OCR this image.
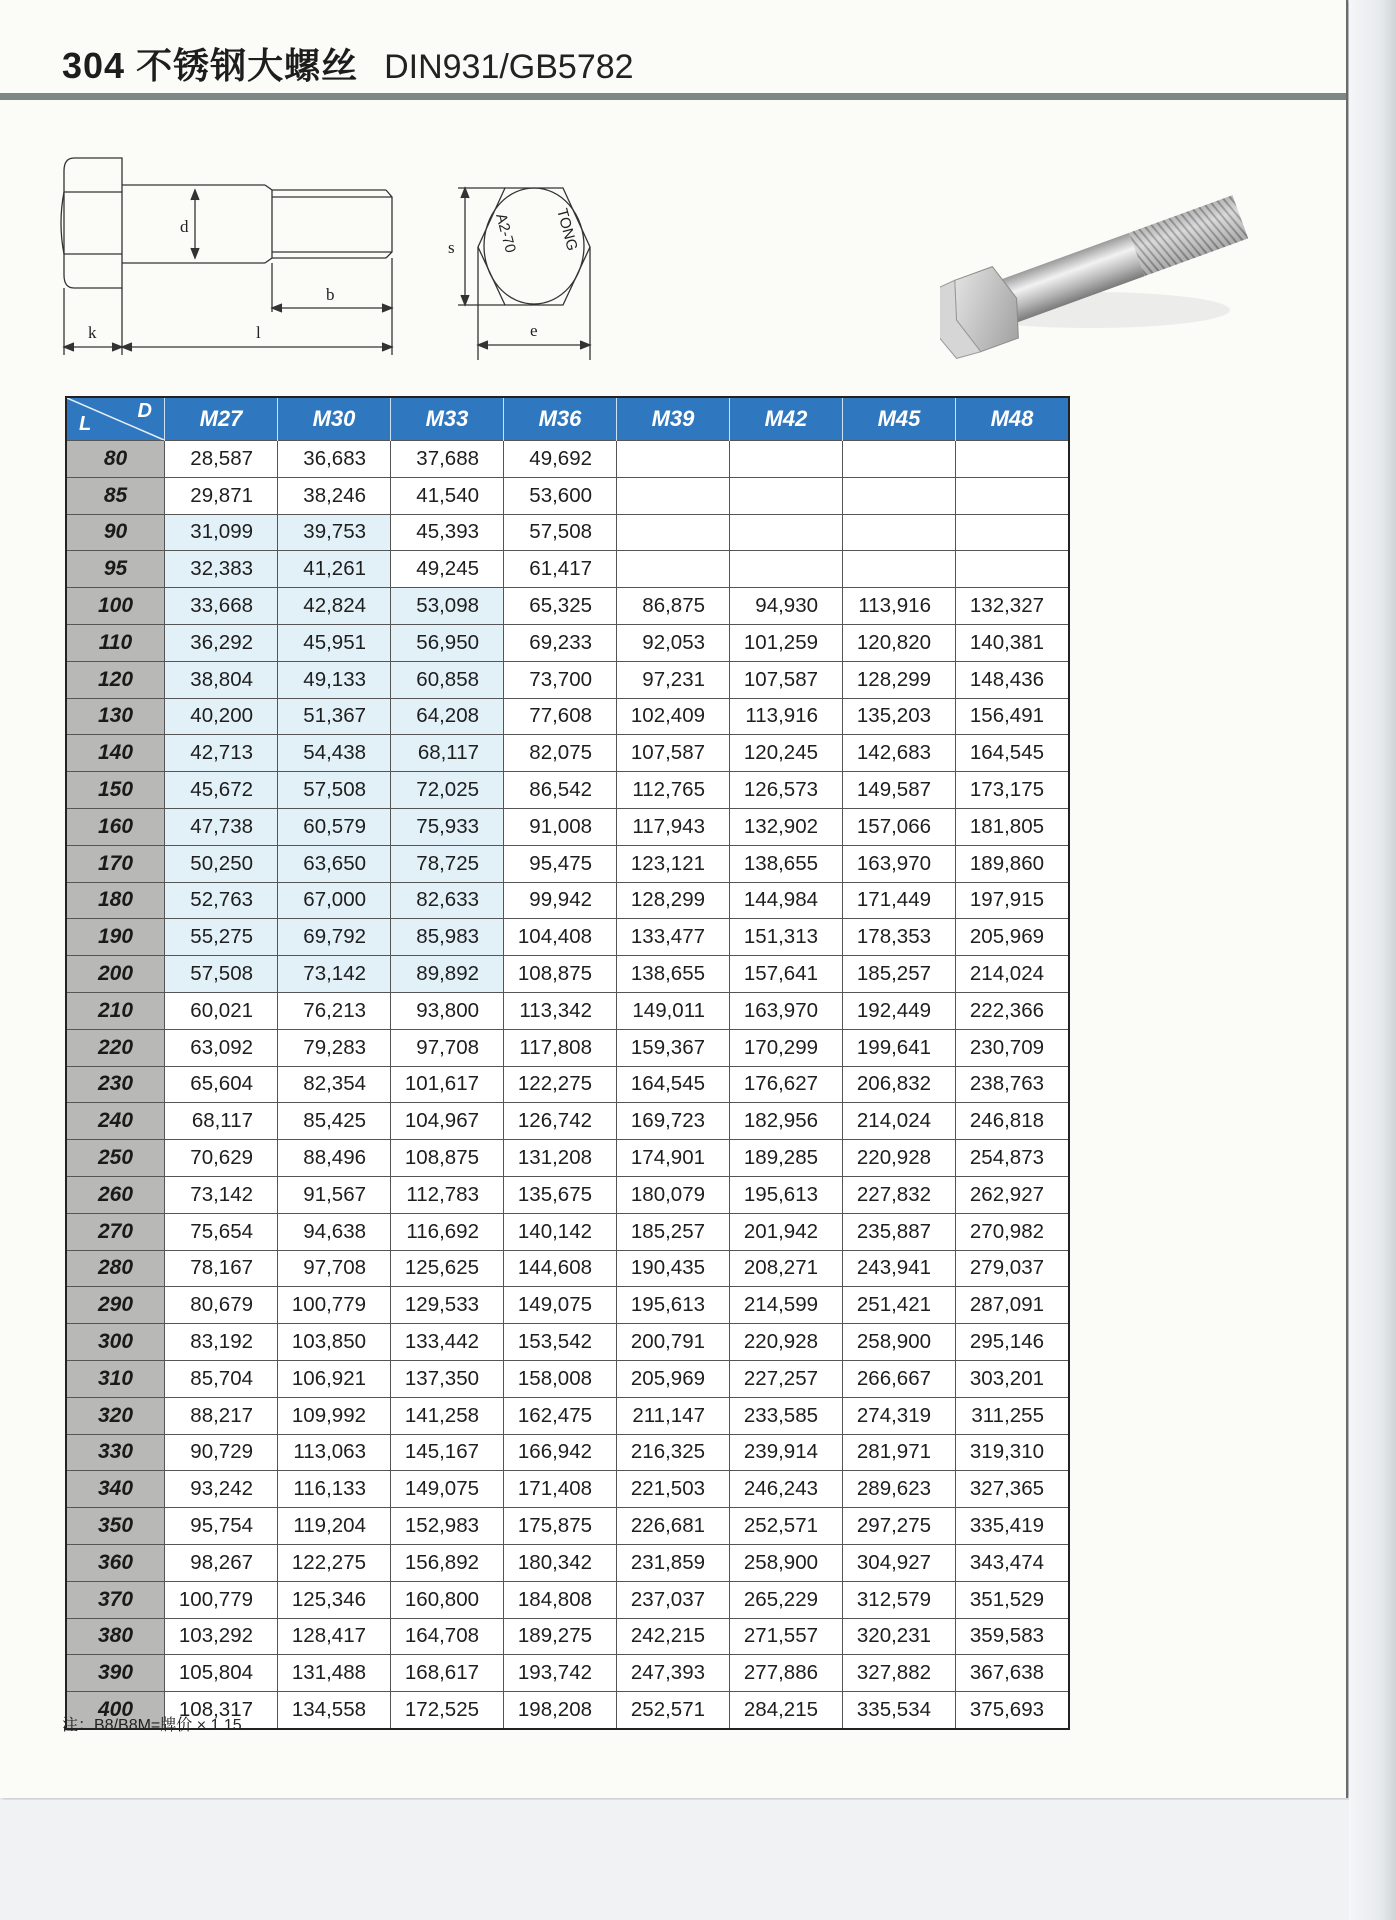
304 不锈钢大螺丝 DIN931/GB5782
d
b
k	l
s
e
A2-70 TONG
L
D	M27	M30	M33	M36	M39	M42	M45	M48
80	28,587	36,683	37,688	49,692				
85	29,871	38,246	41,540	53,600				
90	31,099	39,753	45,393	57,508				
95	32,383	41,261	49,245	61,417				
100	33,668	42,824	53,098	65,325	86,875	94,930	113,916	132,327
110	36,292	45,951	56,950	69,233	92,053	101,259	120,820	140,381
120	38,804	49,133	60,858	73,700	97,231	107,587	128,299	148,436
130	40,200	51,367	64,208	77,608	102,409	113,916	135,203	156,491
140	42,713	54,438	68,117	82,075	107,587	120,245	142,683	164,545
150	45,672	57,508	72,025	86,542	112,765	126,573	149,587	173,175
160	47,738	60,579	75,933	91,008	117,943	132,902	157,066	181,805
170	50,250	63,650	78,725	95,475	123,121	138,655	163,970	189,860
180	52,763	67,000	82,633	99,942	128,299	144,984	171,449	197,915
190	55,275	69,792	85,983	104,408	133,477	151,313	178,353	205,969
200	57,508	73,142	89,892	108,875	138,655	157,641	185,257	214,024
210	60,021	76,213	93,800	113,342	149,011	163,970	192,449	222,366
220	63,092	79,283	97,708	117,808	159,367	170,299	199,641	230,709
230	65,604	82,354	101,617	122,275	164,545	176,627	206,832	238,763
240	68,117	85,425	104,967	126,742	169,723	182,956	214,024	246,818
250	70,629	88,496	108,875	131,208	174,901	189,285	220,928	254,873
260	73,142	91,567	112,783	135,675	180,079	195,613	227,832	262,927
270	75,654	94,638	116,692	140,142	185,257	201,942	235,887	270,982
280	78,167	97,708	125,625	144,608	190,435	208,271	243,941	279,037
290	80,679	100,779	129,533	149,075	195,613	214,599	251,421	287,091
300	83,192	103,850	133,442	153,542	200,791	220,928	258,900	295,146
310	85,704	106,921	137,350	158,008	205,969	227,257	266,667	303,201
320	88,217	109,992	141,258	162,475	211,147	233,585	274,319	311,255
330	90,729	113,063	145,167	166,942	216,325	239,914	281,971	319,310
340	93,242	116,133	149,075	171,408	221,503	246,243	289,623	327,365
350	95,754	119,204	152,983	175,875	226,681	252,571	297,275	335,419
360	98,267	122,275	156,892	180,342	231,859	258,900	304,927	343,474
370	100,779	125,346	160,800	184,808	237,037	265,229	312,579	351,529
380	103,292	128,417	164,708	189,275	242,215	271,557	320,231	359,583
390	105,804	131,488	168,617	193,742	247,393	277,886	327,882	367,638
400	108,317	134,558	172,525	198,208	252,571	284,215	335,534	375,693
注：B8/B8M=牌价 × 1.15
